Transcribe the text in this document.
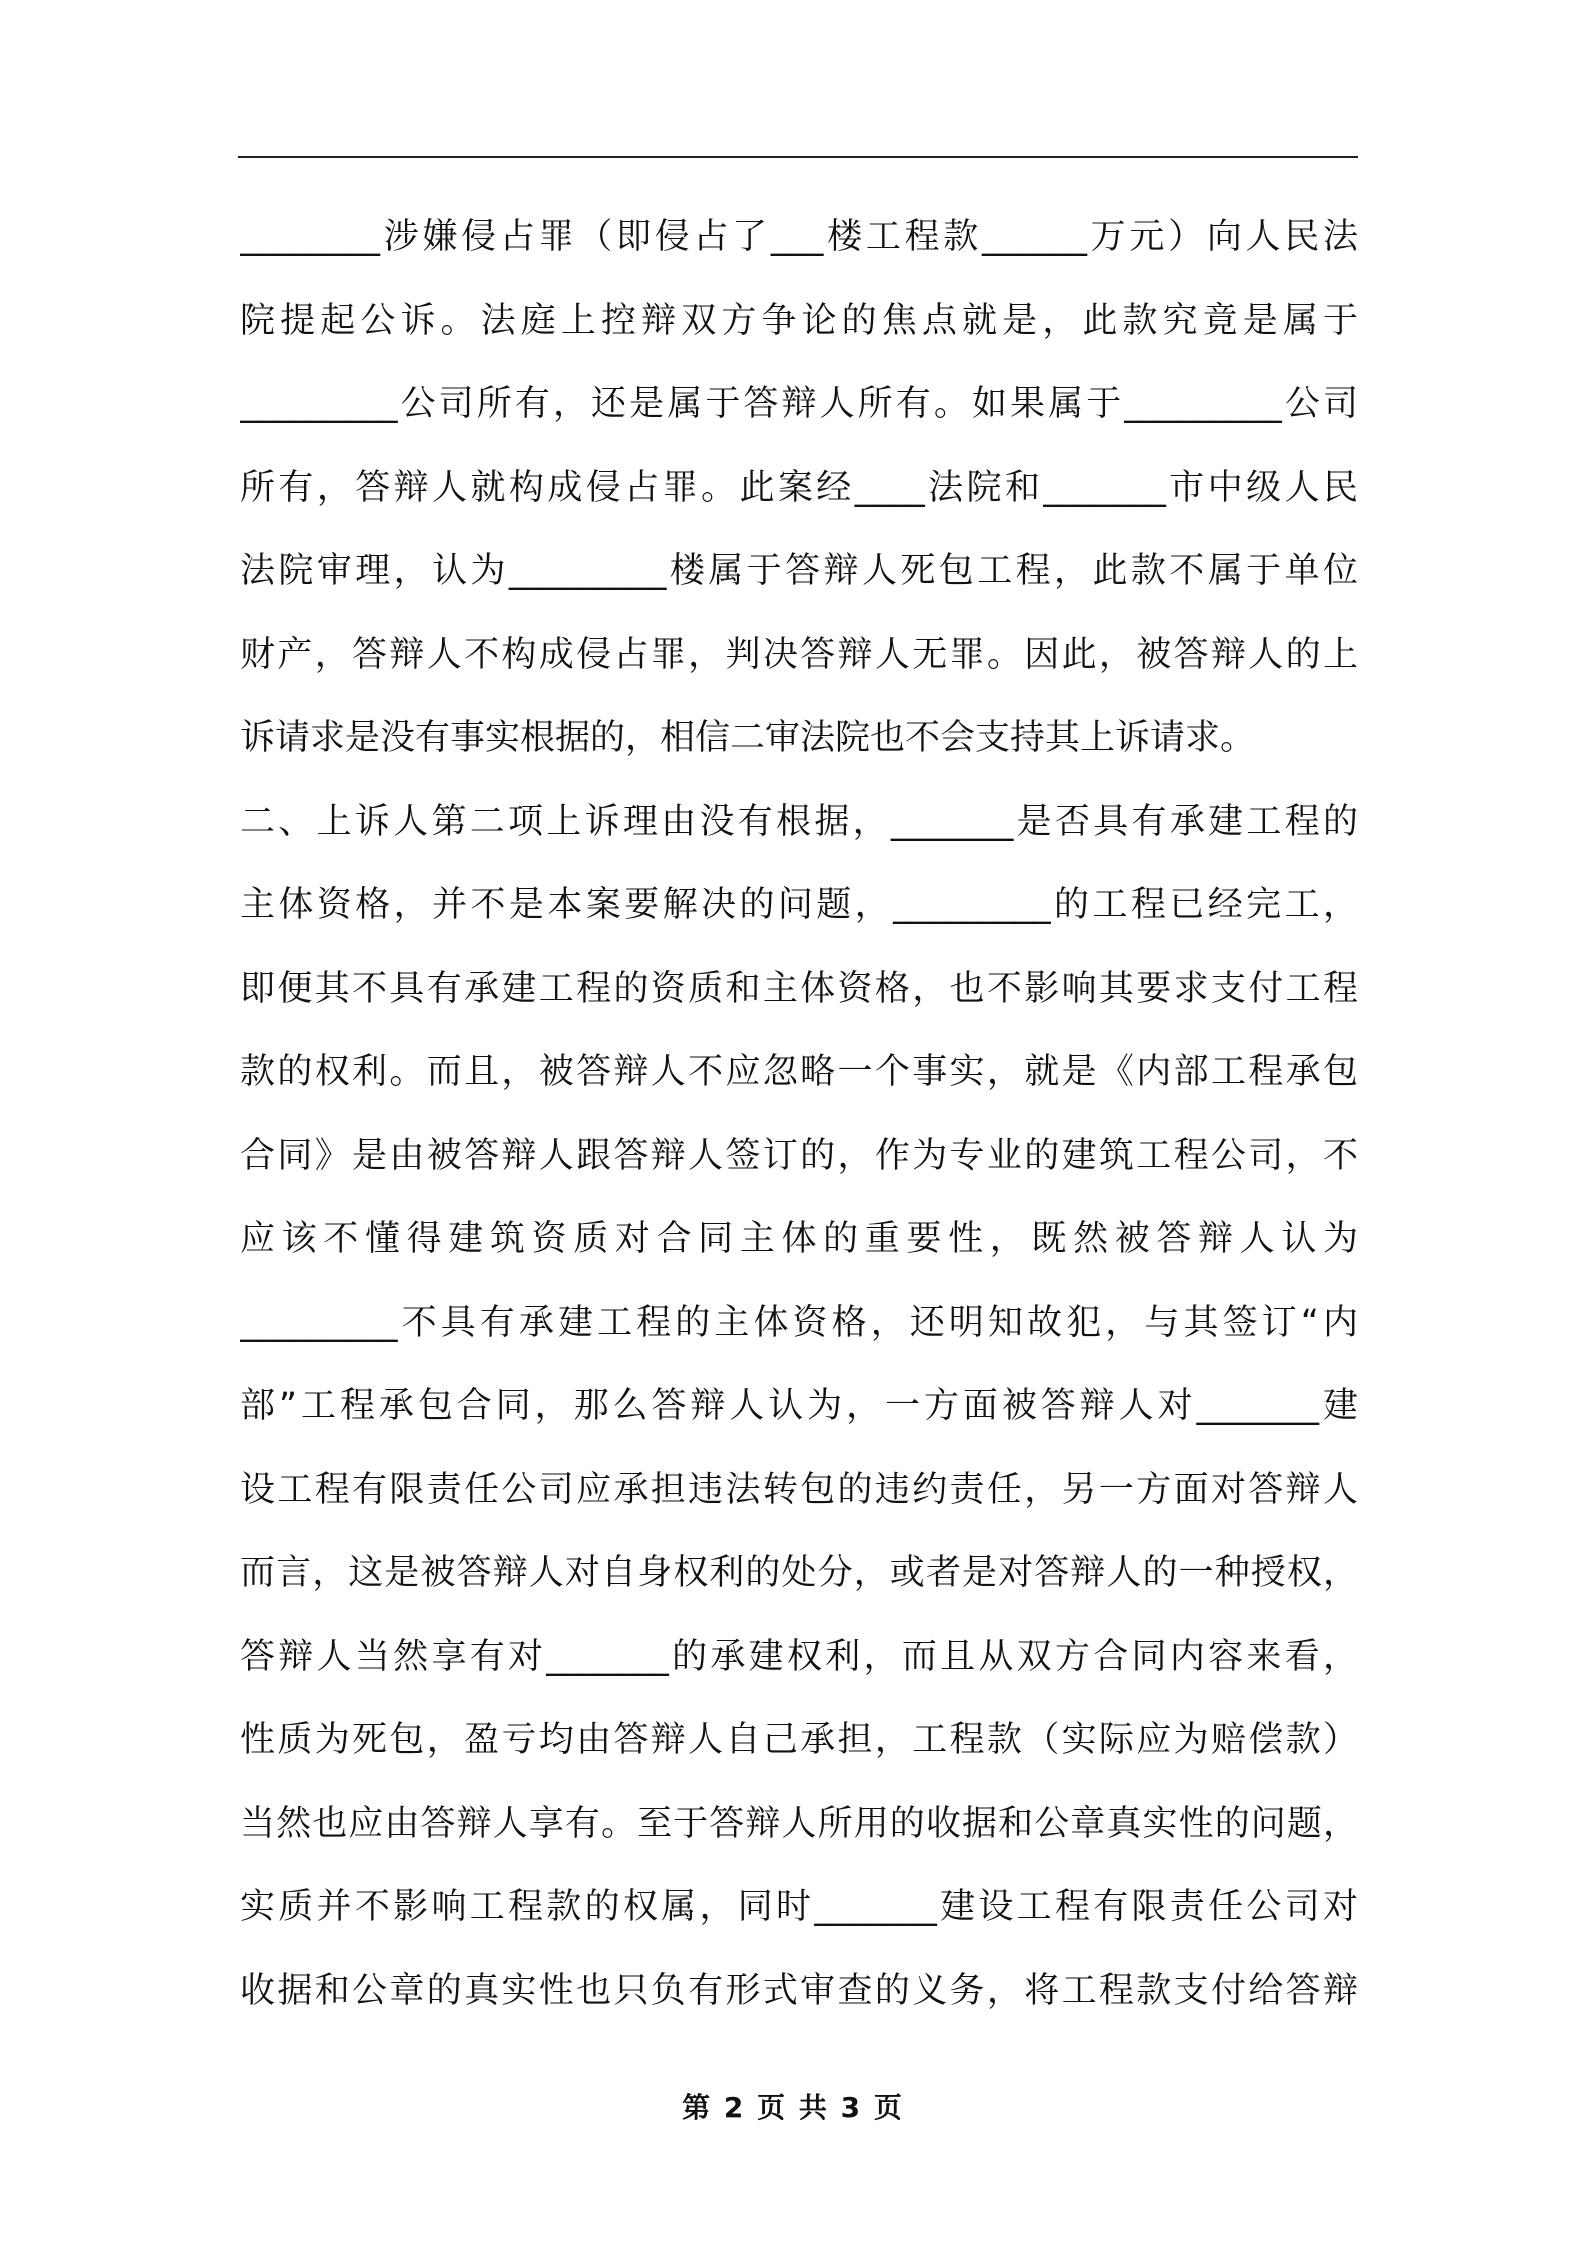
________涉嫌侵占罪（即侵占了___楼工程款______万元）向人民法
院提起公诉。法庭上控辩双方争论的焦点就是，此款究竟是属于
_________公司所有，还是属于答辩人所有。如果属于_________公司
所有，答辩人就构成侵占罪。此案经____法院和_______市中级人民
法院审理，认为_________楼属于答辩人死包工程，此款不属于单位
财产，答辩人不构成侵占罪，判决答辩人无罪。因此，被答辩人的上
诉请求是没有事实根据的，相信二审法院也不会支持其上诉请求。
二、上诉人第二项上诉理由没有根据，_______是否具有承建工程的
主体资格，并不是本案要解决的问题，_________的工程已经完工，
即便其不具有承建工程的资质和主体资格，也不影响其要求支付工程
款的权利。而且，被答辩人不应忽略一个事实，就是《内部工程承包
合同》是由被答辩人跟答辩人签订的，作为专业的建筑工程公司，不
应该不懂得建筑资质对合同主体的重要性，既然被答辩人认为
_________不具有承建工程的主体资格，还明知故犯，与其签订“内
部”工程承包合同，那么答辩人认为，一方面被答辩人对_______建
设工程有限责任公司应承担违法转包的违约责任，另一方面对答辩人
而言，这是被答辩人对自身权利的处分，或者是对答辩人的一种授权，
答辩人当然享有对_______的承建权利，而且从双方合同内容来看，
性质为死包，盈亏均由答辩人自己承担，工程款（实际应为赔偿款）
当然也应由答辩人享有。至于答辩人所用的收据和公章真实性的问题，
实质并不影响工程款的权属，同时_______建设工程有限责任公司对
收据和公章的真实性也只负有形式审查的义务，将工程款支付给答辩
第 2 页 共 3 页
